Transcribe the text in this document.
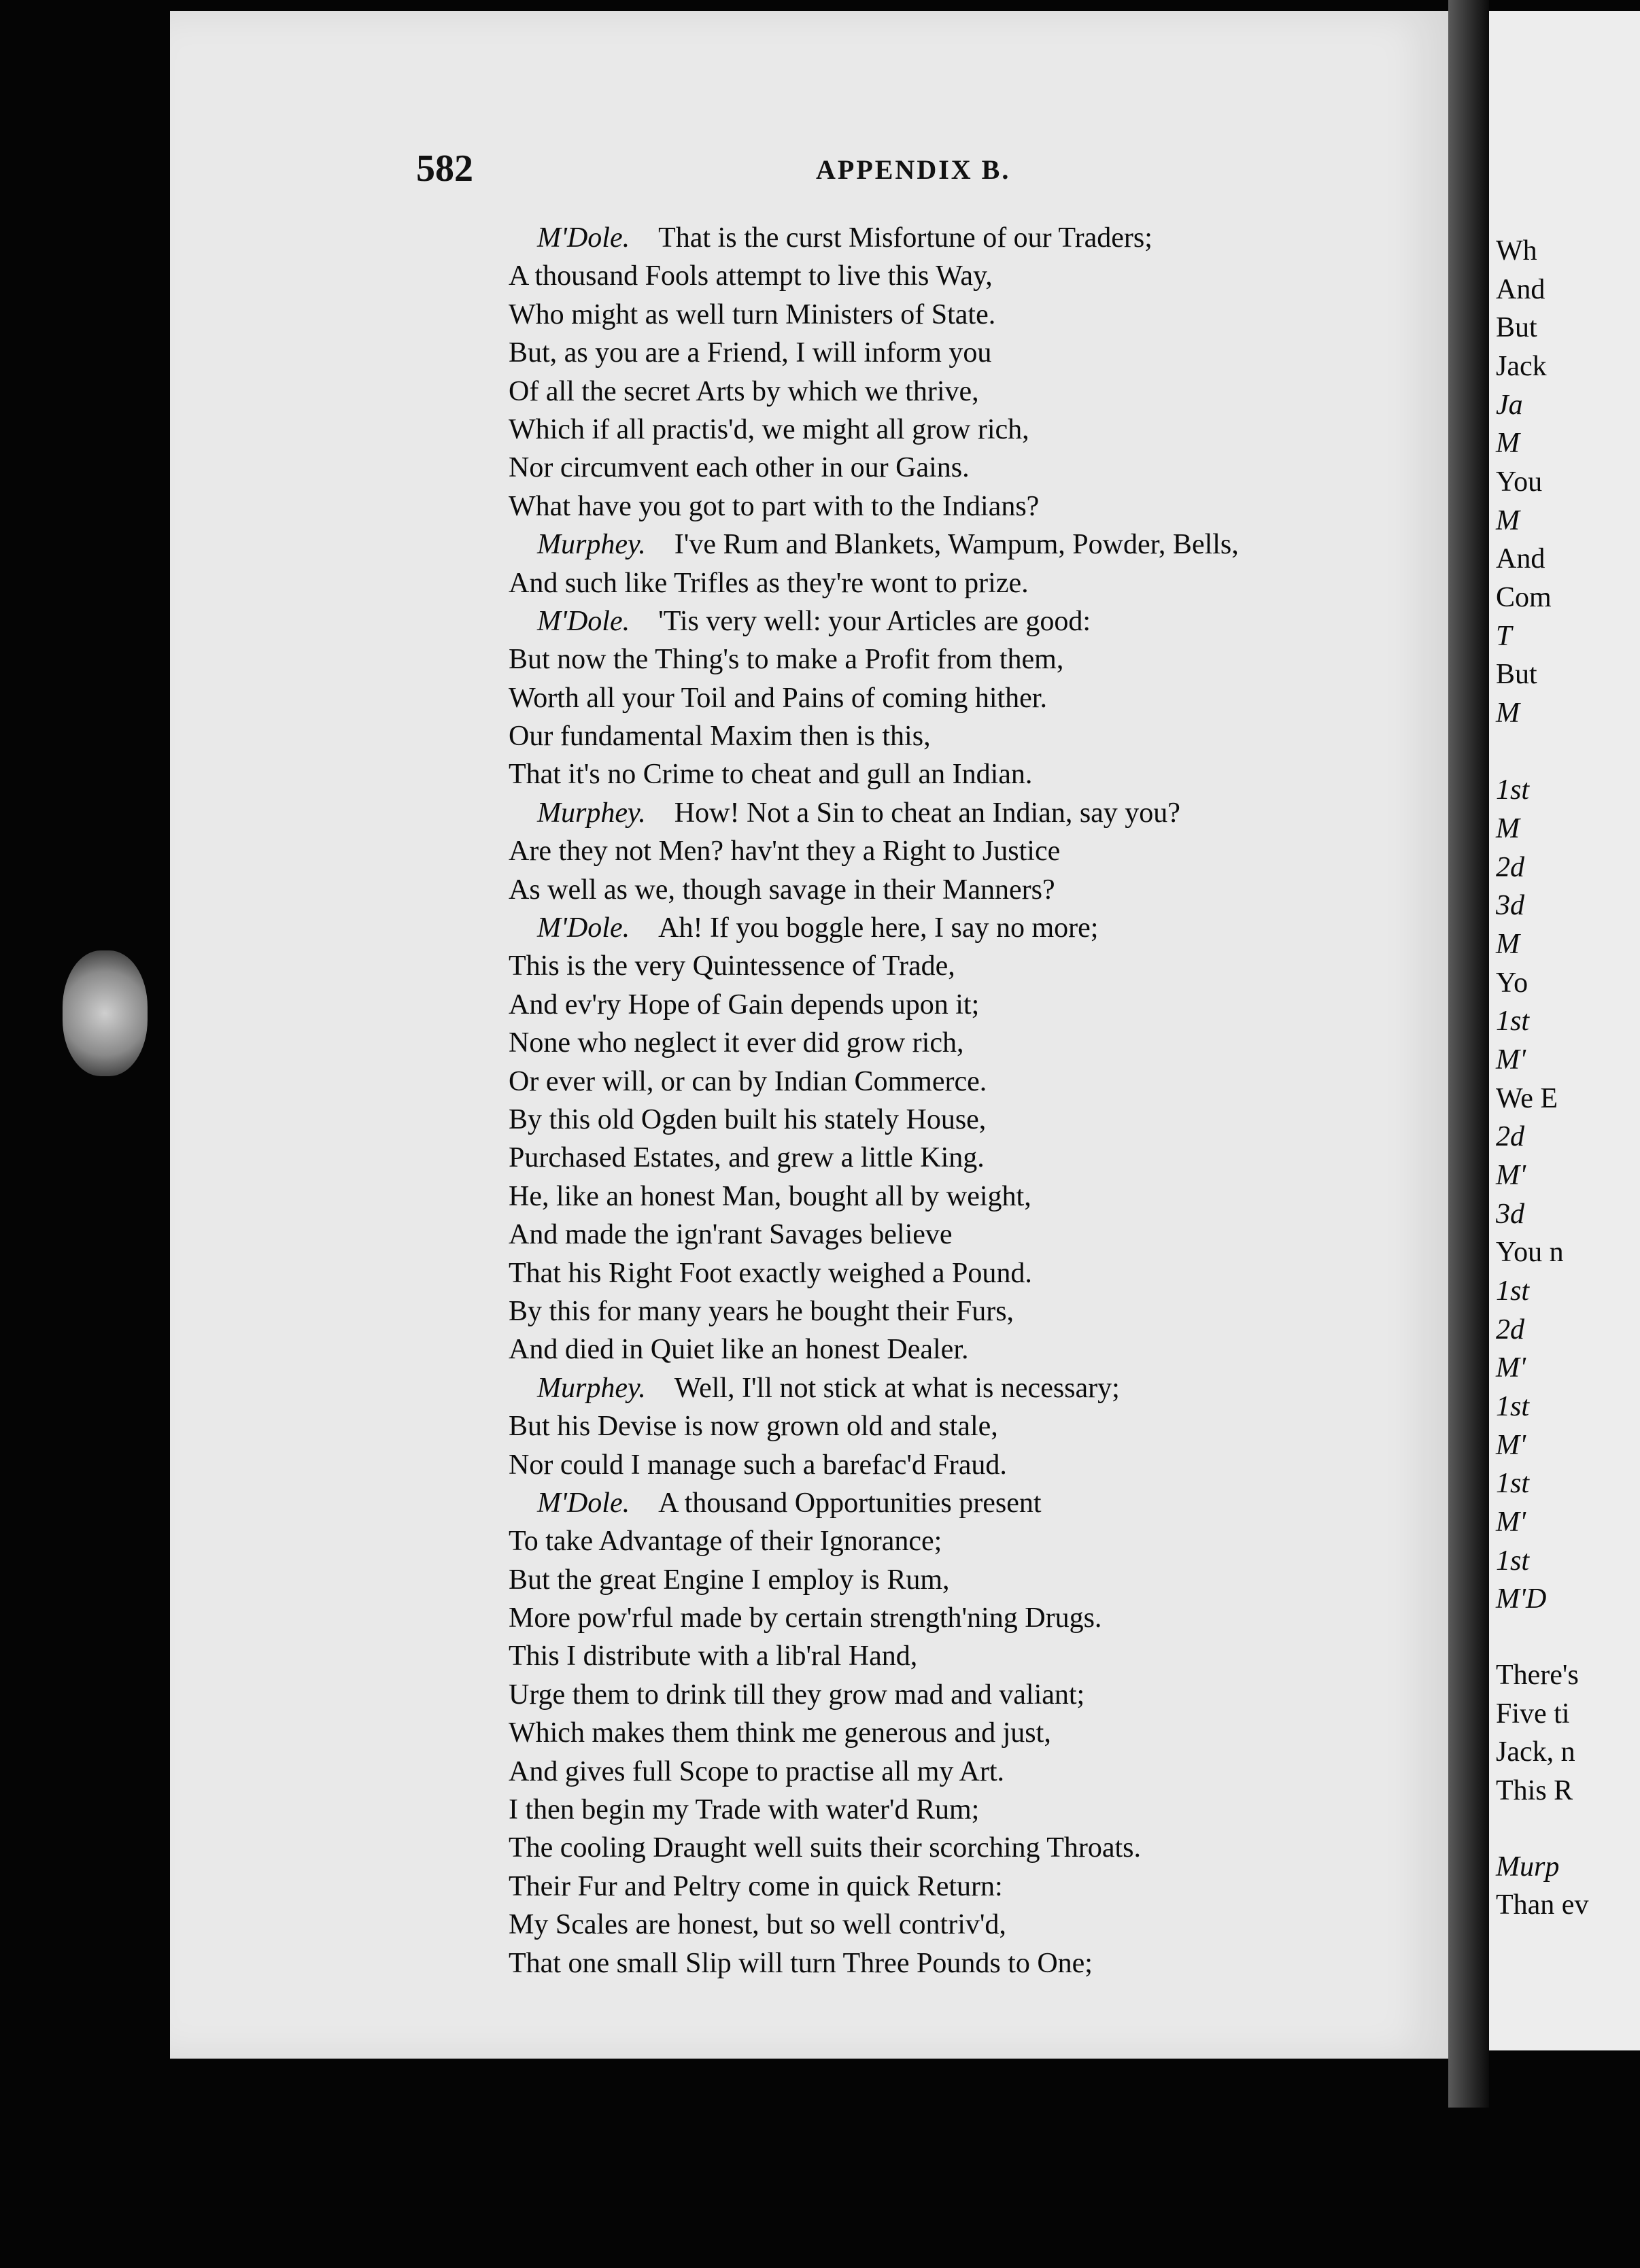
582	APPENDIX B.
M'Dole.  That is the curst Misfortune of our Traders;
A thousand Fools attempt to live this Way,
Who might as well turn Ministers of State.
But, as you are a Friend, I will inform you
Of all the secret Arts by which we thrive,
Which if all practis'd, we might all grow rich,
Nor circumvent each other in our Gains.
What have you got to part with to the Indians?
Murphey.  I've Rum and Blankets, Wampum, Powder, Bells,
And such like Trifles as they're wont to prize.
M'Dole.  'Tis very well: your Articles are good:
But now the Thing's to make a Profit from them,
Worth all your Toil and Pains of coming hither.
Our fundamental Maxim then is this,
That it's no Crime to cheat and gull an Indian.
Murphey.  How! Not a Sin to cheat an Indian, say you?
Are they not Men? hav'nt they a Right to Justice
As well as we, though savage in their Manners?
M'Dole.  Ah! If you boggle here, I say no more;
This is the very Quintessence of Trade,
And ev'ry Hope of Gain depends upon it;
None who neglect it ever did grow rich,
Or ever will, or can by Indian Commerce.
By this old Ogden built his stately House,
Purchased Estates, and grew a little King.
He, like an honest Man, bought all by weight,
And made the ign'rant Savages believe
That his Right Foot exactly weighed a Pound.
By this for many years he bought their Furs,
And died in Quiet like an honest Dealer.
Murphey.  Well, I'll not stick at what is necessary;
But his Devise is now grown old and stale,
Nor could I manage such a barefac'd Fraud.
M'Dole.  A thousand Opportunities present
To take Advantage of their Ignorance;
But the great Engine I employ is Rum,
More pow'rful made by certain strength'ning Drugs.
This I distribute with a lib'ral Hand,
Urge them to drink till they grow mad and valiant;
Which makes them think me generous and just,
And gives full Scope to practise all my Art.
I then begin my Trade with water'd Rum;
The cooling Draught well suits their scorching Throats.
Their Fur and Peltry come in quick Return:
My Scales are honest, but so well contriv'd,
That one small Slip will turn Three Pounds to One;
Wh
And
But
Jack
Ja
M
You
M
And
Com
T
But
M
1st
M
2d
3d
M
Yo
1st
M'
We E
2d
M'
3d
You n
1st
2d
M'
1st
M'
1st
M'
1st
M'D
There's
Five ti
Jack, n
This R
Murp
Than ev
